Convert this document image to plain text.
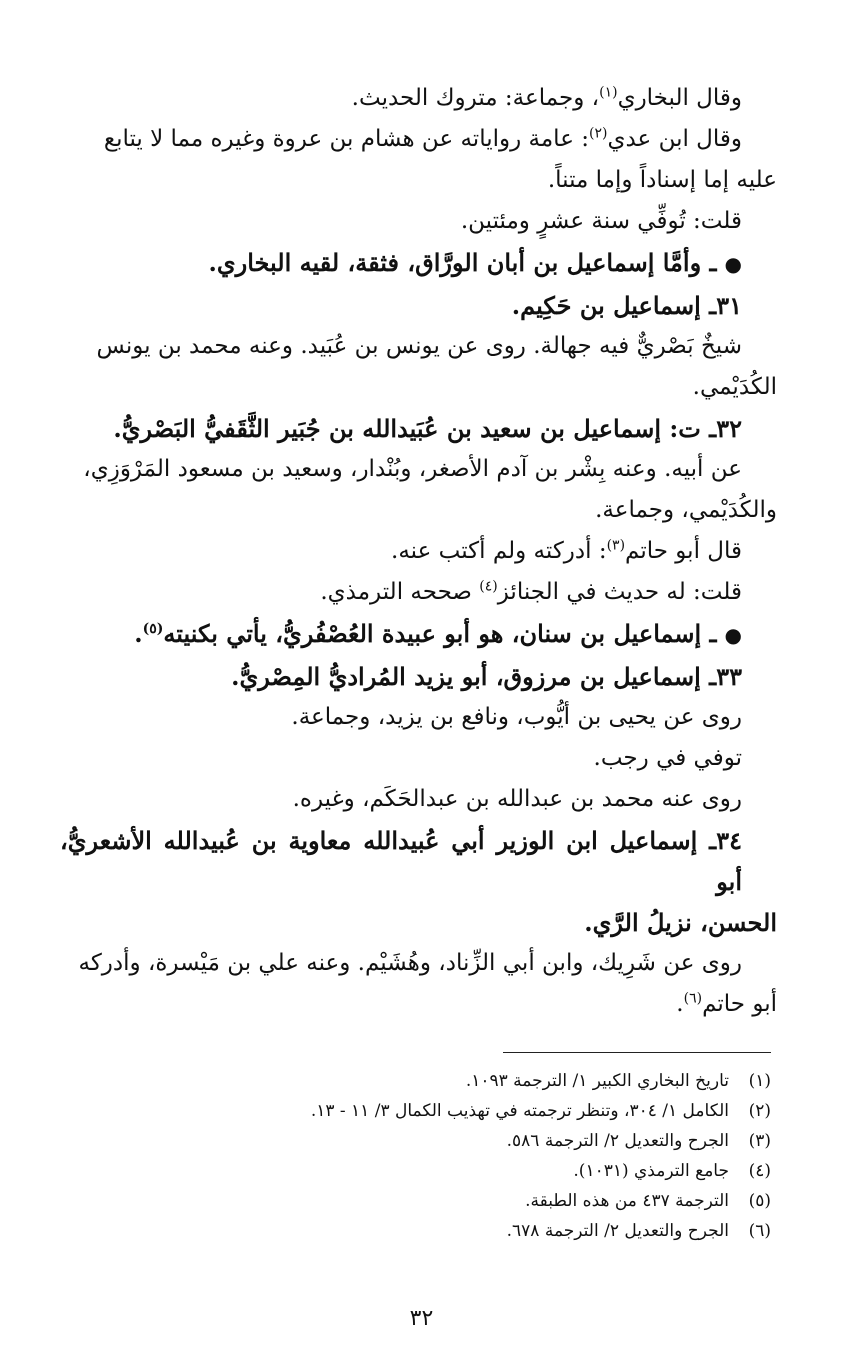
وقال البخاري$^{(١)}$، وجماعة: متروك الحديث.

وقال ابن عدي$^{(٢)}$: عامة رواياته عن هشام بن عروة وغيره مما لا يتابع

عليه إما إسناداً وإما متناً.

قلت: تُوفِّي سنة عشرٍ ومئتين.

●ـ وأمَّا إسماعيل بن أبان الورَّاق، فثقة، لقيه البخاري.

٣١ـ إسماعيل بن حَكِيم.

شيخٌ بَصْريٌّ فيه جهالة. روى عن يونس بن عُبَيد. وعنه محمد بن يونس

الكُدَيْمي.

٣٢ـ ت: إسماعيل بن سعيد بن عُبَيدالله بن جُبَير الثَّقَفيُّ البَصْريُّ.

عن أبيه. وعنه بِشْر بن آدم الأصغر، وبُنْدار، وسعيد بن مسعود المَرْوَزِي،

والكُدَيْمي، وجماعة.

قال أبو حاتم$^{(٣)}$: أدركته ولم أكتب عنه.

قلت: له حديث في الجنائز$^{(٤)}$ صححه الترمذي.

●ـ إسماعيل بن سنان، هو أبو عبيدة العُصْفُريُّ، يأتي بكنيته$^{(٥)}$.

٣٣ـ إسماعيل بن مرزوق، أبو يزيد المُراديُّ المِصْريُّ.

روى عن يحيى بن أيُّوب، ونافع بن يزيد، وجماعة.

توفي في رجب.

روى عنه محمد بن عبدالله بن عبدالحَكَم، وغيره.

٣٤ـ إسماعيل ابن الوزير أبي عُبيدالله معاوية بن عُبيدالله الأشعريُّ، أبو

الحسن، نزيلُ الرَّي.

روى عن شَرِيك، وابن أبي الزِّناد، وهُشَيْم. وعنه علي بن مَيْسرة، وأدركه

أبو حاتم$^{(٦)}$.

(١)تاريخ البخاري الكبير ١/ الترجمة ١٠٩٣.

(٢)الكامل ١/ ٣٠٤، وتنظر ترجمته في تهذيب الكمال ٣/ ١١ - ١٣.

(٣)الجرح والتعديل ٢/ الترجمة ٥٨٦.

(٤)جامع الترمذي (١٠٣١).

(٥)الترجمة ٤٣٧ من هذه الطبقة.

(٦)الجرح والتعديل ٢/ الترجمة ٦٧٨.

٣٢
